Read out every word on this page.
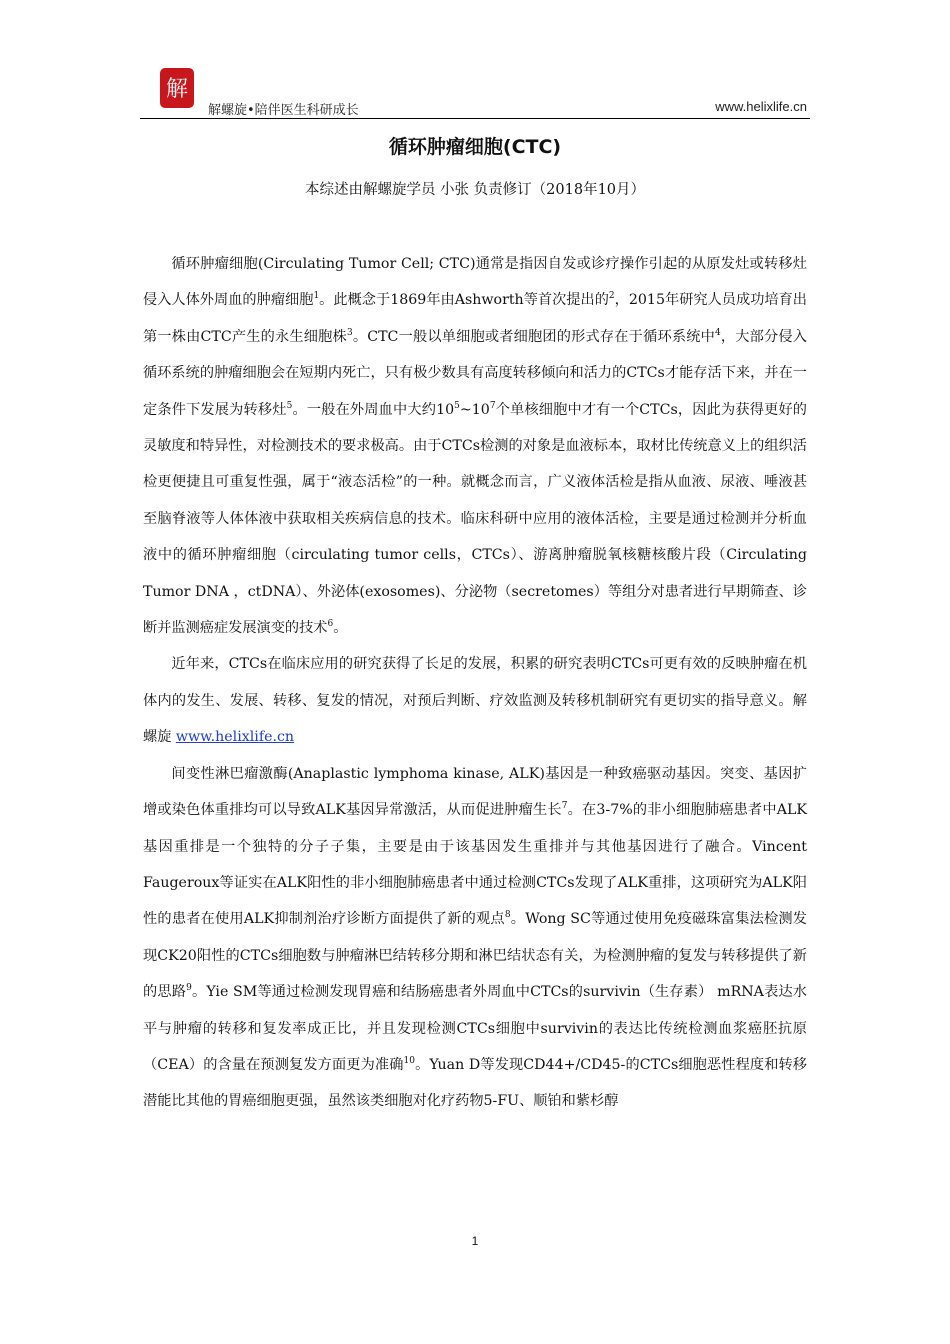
解
解螺旋•陪伴医生科研成长	www.helixlife.cn
循环肿瘤细胞(CTC)
本综述由解螺旋学员 小张 负责修订（2018年10月）

循环肿瘤细胞(Circulating Tumor Cell; CTC)通常是指因自发或诊疗操作引起的从原发灶或转移灶侵入人体外周血的肿瘤细胞$^1$。此概念于1869年由Ashworth等首次提出的$^2$，2015年研究人员成功培育出第一株由CTC产生的永生细胞株$^3$。CTC一般以单细胞或者细胞团的形式存在于循环系统中$^4$，大部分侵入循环系统的肿瘤细胞会在短期内死亡，只有极少数具有高度转移倾向和活力的CTCs才能存活下来，并在一定条件下发展为转移灶$^5$。一般在外周血中大约$10^5\sim 10^7$个单核细胞中才有一个CTCs，因此为获得更好的灵敏度和特异性，对检测技术的要求极高。由于CTCs检测的对象是血液标本，取材比传统意义上的组织活检更便捷且可重复性强，属于“液态活检”的一种。就概念而言，广义液体活检是指从血液、尿液、唾液甚至脑脊液等人体体液中获取相关疾病信息的技术。临床科研中应用的液体活检，主要是通过检测并分析血液中的循环肿瘤细胞（circulating tumor cells，CTCs）、游离肿瘤脱氧核糖核酸片段（Circulating Tumor DNA ，ctDNA）、外泌体(exosomes)、分泌物（secretomes）等组分对患者进行早期筛查、诊断并监测癌症发展演变的技术$^6$。

近年来，CTCs在临床应用的研究获得了长足的发展，积累的研究表明CTCs可更有效的反映肿瘤在机体内的发生、发展、转移、复发的情况，对预后判断、疗效监测及转移机制研究有更切实的指导意义。解螺旋 www.helixlife.cn

间变性淋巴瘤激酶(Anaplastic lymphoma kinase, ALK)基因是一种致癌驱动基因。突变、基因扩增或染色体重排均可以导致ALK基因异常激活，从而促进肿瘤生长$^7$。在3-7%的非小细胞肺癌患者中ALK基因重排是一个独特的分子子集，主要是由于该基因发生重排并与其他基因进行了融合。Vincent Faugeroux等证实在ALK阳性的非小细胞肺癌患者中通过检测CTCs发现了ALK重排，这项研究为ALK阳性的患者在使用ALK抑制剂治疗诊断方面提供了新的观点$^8$。Wong SC等通过使用免疫磁珠富集法检测发现CK20阳性的CTCs细胞数与肿瘤淋巴结转移分期和淋巴结状态有关，为检测肿瘤的复发与转移提供了新的思路$^9$。Yie SM等通过检测发现胃癌和结肠癌患者外周血中CTCs的survivin（生存素） mRNA表达水平与肿瘤的转移和复发率成正比，并且发现检测CTCs细胞中survivin的表达比传统检测血浆癌胚抗原（CEA）的含量在预测复发方面更为准确$^{10}$。Yuan D等发现CD44+/CD45-的CTCs细胞恶性程度和转移潜能比其他的胃癌细胞更强，虽然该类细胞对化疗药物5-FU、顺铂和紫杉醇

1
